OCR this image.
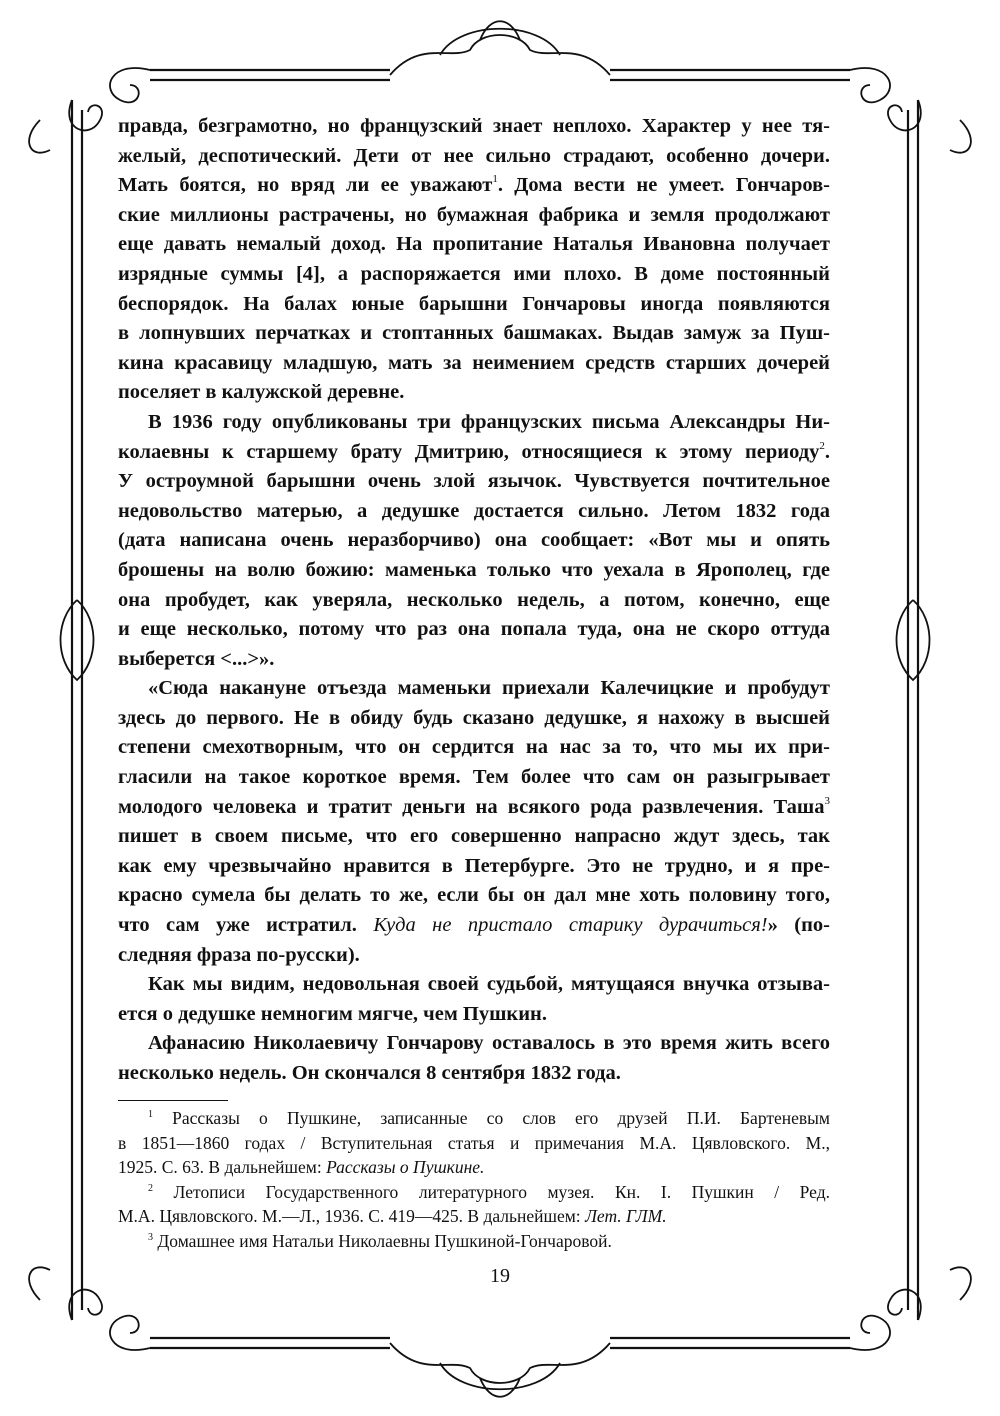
правда, безграмотно, но французский знает неплохо. Характер у нее тя-
желый, деспотический. Дети от нее сильно страдают, особенно дочери.
Мать боятся, но вряд ли ее уважают$^1$. Дома вести не умеет. Гончаров-
ские миллионы растрачены, но бумажная фабрика и земля продолжают
еще давать немалый доход. На пропитание Наталья Ивановна получает
изрядные суммы [4], а распоряжается ими плохо. В доме постоянный
беспорядок. На балах юные барышни Гончаровы иногда появляются
в лопнувших перчатках и стоптанных башмаках. Выдав замуж за Пуш-
кина красавицу младшую, мать за неимением средств старших дочерей
поселяет в калужской деревне.
В 1936 году опубликованы три французских письма Александры Ни-
колаевны к старшему брату Дмитрию, относящиеся к этому периоду$^2$.
У остроумной барышни очень злой язычок. Чувствуется почтительное
недовольство матерью, а дедушке достается сильно. Летом 1832 года
(дата написана очень неразборчиво) она сообщает: «Вот мы и опять
брошены на волю божию: маменька только что уехала в Ярополец, где
она пробудет, как уверяла, несколько недель, а потом, конечно, еще
и еще несколько, потому что раз она попала туда, она не скоро оттуда
выберется <...>».
«Сюда накануне отъезда маменьки приехали Калечицкие и пробудут
здесь до первого. Не в обиду будь сказано дедушке, я нахожу в высшей
степени смехотворным, что он сердится на нас за то, что мы их при-
гласили на такое короткое время. Тем более что сам он разыгрывает
молодого человека и тратит деньги на всякого рода развлечения. Таша$^3$
пишет в своем письме, что его совершенно напрасно ждут здесь, так
как ему чрезвычайно нравится в Петербурге. Это не трудно, и я пре-
красно сумела бы делать то же, если бы он дал мне хоть половину того,
что сам уже истратил. Куда не пристало старику дурачиться!» (по-
следняя фраза по-русски).
Как мы видим, недовольная своей судьбой, мятущаяся внучка отзыва-
ется о дедушке немногим мягче, чем Пушкин.
Афанасию Николаевичу Гончарову оставалось в это время жить всего
несколько недель. Он скончался 8 сентября 1832 года.
$^1$ Рассказы о Пушкине, записанные со слов его друзей П.И. Бартеневым
в 1851—1860 годах / Вступительная статья и примечания М.А. Цявловского. М.,
1925. С. 63. В дальнейшем: Рассказы о Пушкине.
$^2$ Летописи Государственного литературного музея. Кн. I. Пушкин / Ред.
М.А. Цявловского. М.—Л., 1936. С. 419—425. В дальнейшем: Лет. ГЛМ.
$^3$ Домашнее имя Натальи Николаевны Пушкиной-Гончаровой.
19
